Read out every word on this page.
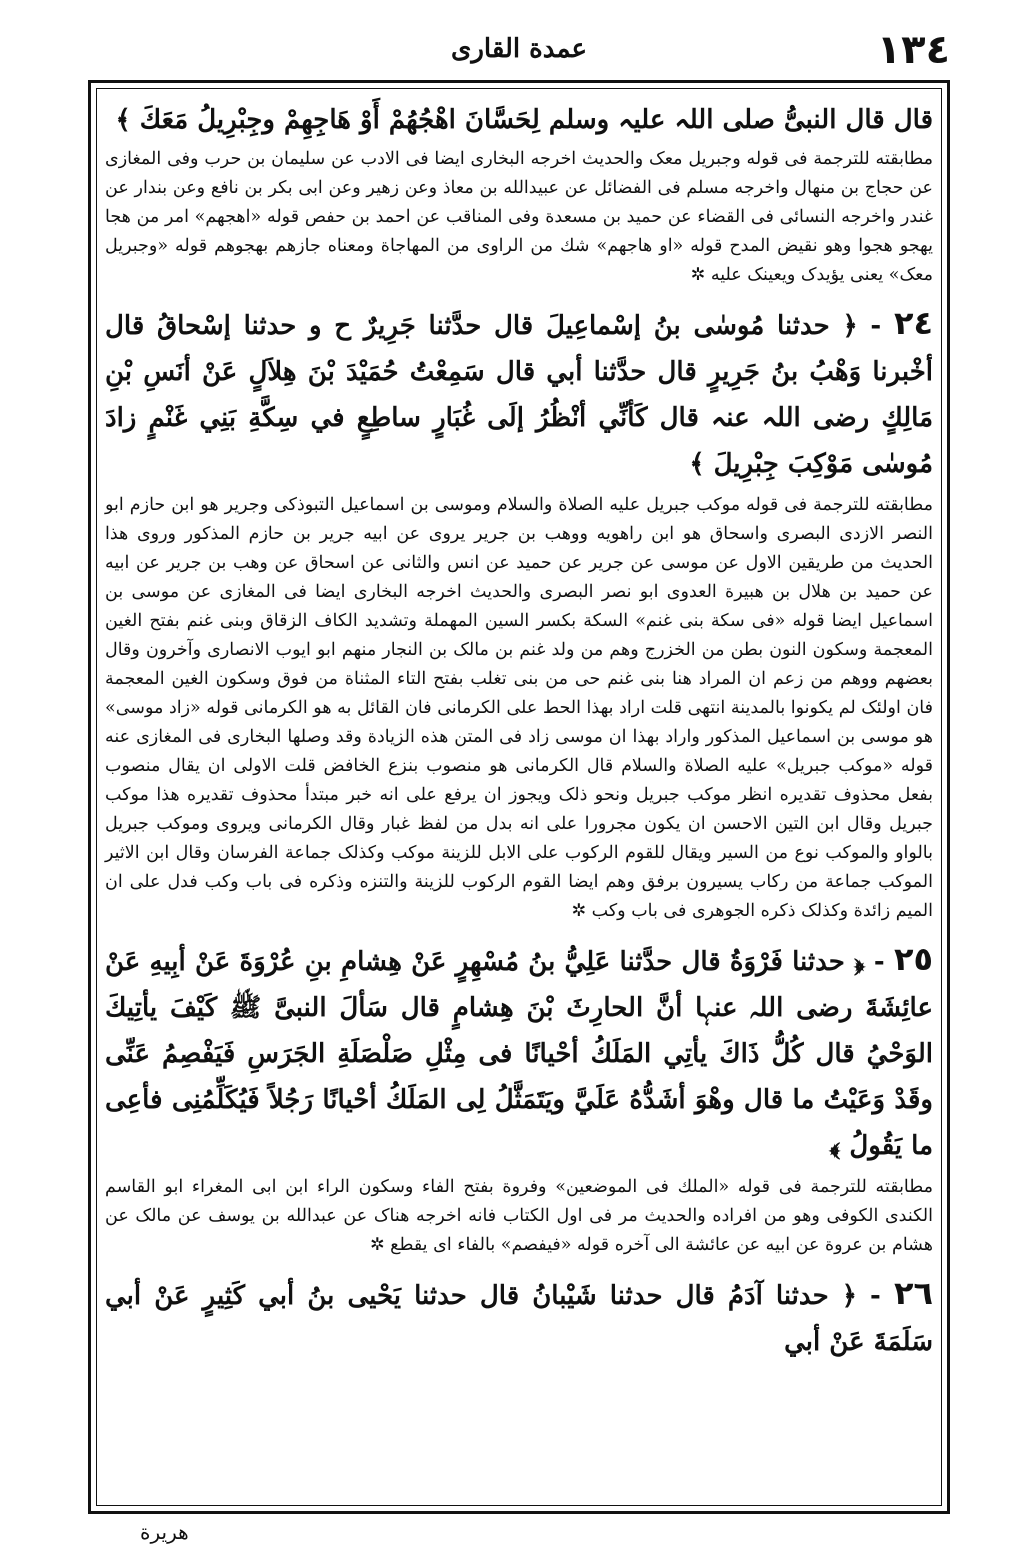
١٣٤
عمدة القاری

قال قال النبیُّ صلی اللہ علیہ وسلم لِحَسَّانَ اهْجُهُمْ أَوْ هَاجِهِمْ وجِبْرِيلُ مَعَكَ ﴾

مطابقته للترجمة فی قوله وجبريل معک والحديث اخرجه البخاری ايضا فی الادب عن سليمان بن حرب وفی المغازی عن حجاج بن منهال واخرجه مسلم فی الفضائل عن عبيدالله بن معاذ وعن زهير وعن ابی بكر بن نافع وعن بندار عن غندر واخرجه النسائی فی القضاء عن حميد بن مسعدة وفی المناقب عن احمد بن حفص قوله «اهجهم» امر من هجا يهجو هجوا وهو نقيض المدح قوله «او هاجهم» شك من الراوی من المهاجاة ومعناه جازهم بهجوهم قوله «وجبريل معک» يعنی يؤيدک ويعينک عليه ✲

٢٤ - ﴿ حدثنا مُوسٰى بنُ إسْماعِيلَ قال حدَّثنا جَرِيرٌ ح و حدثنا إسْحاقُ قال أخْبرنا وَهْبُ بنُ جَرِيرٍ قال حدَّثنا أبي قال سَمِعْتُ حُمَيْدَ بْنَ هِلاَلٍ عَنْ أنَسِ بْنِ مَالِكٍ رضی اللہ عنہ قال كَأنِّي أنْظُرُ إلَى غُبَارٍ ساطِعٍ في سِكَّةِ بَنِي غَنْمٍ زادَ مُوسٰى مَوْكِبَ جِبْرِيلَ ﴾

مطابقته للترجمة فی قوله موکب جبريل عليه الصلاة والسلام وموسى بن اسماعيل التبوذكی وجرير هو ابن حازم ابو النصر الازدی البصری واسحاق هو ابن راهويه ووهب بن جرير يروی عن ابيه جرير بن حازم المذكور وروى هذا الحديث من طريقين الاول عن موسى عن جرير عن حميد عن انس والثانی عن اسحاق عن وهب بن جرير عن ابيه عن حميد بن هلال بن هبيرة العدوی ابو نصر البصری والحديث اخرجه البخاری ايضا فی المغازی عن موسى بن اسماعيل ايضا قوله «فی سكة بنی غنم» السكة بكسر السين المهملة وتشديد الكاف الزقاق وبنی غنم بفتح الغين المعجمة وسكون النون بطن من الخزرج وهم من ولد غنم بن مالک بن النجار منهم ابو ايوب الانصاری وآخرون وقال بعضهم ووهم من زعم ان المراد هنا بنی غنم حی من بنی تغلب بفتح التاء المثناة من فوق وسكون الغين المعجمة فان اولئک لم يكونوا بالمدينة انتهى قلت اراد بهذا الحط على الكرمانی فان القائل به هو الكرمانی قوله «زاد موسى» هو موسى بن اسماعيل المذكور واراد بهذا ان موسى زاد فی المتن هذه الزيادة وقد وصلها البخاری فی المغازی عنه قوله «موکب جبريل» عليه الصلاة والسلام قال الكرمانی هو منصوب بنزع الخافض قلت الاولى ان يقال منصوب بفعل محذوف تقديره انظر موکب جبريل ونحو ذلک ويجوز ان يرفع على انه خبر مبتدأ محذوف تقديره هذا موکب جبريل وقال ابن التين الاحسن ان يكون مجرورا على انه بدل من لفظ غبار وقال الكرمانی ويروى وموکب جبريل بالواو والموکب نوع من السير ويقال للقوم الركوب على الابل للزينة موکب وكذلک جماعة الفرسان وقال ابن الاثير الموکب جماعة من ركاب يسيرون برفق وهم ايضا القوم الركوب للزينة والتنزه وذكره فی باب وكب فدل على ان الميم زائدة وكذلک ذكره الجوهری فی باب وكب ✲

٢٥ - ﴿ حدثنا فَرْوَةُ قال حدَّثنا عَلِيُّ بنُ مُسْهِرٍ عَنْ هِشامِ بنِ عُرْوَةَ عَنْ أبِيهِ عَنْ عائِشَةَ رضی اللہ عنہا أنَّ الحارِثَ بْنَ هِشامٍ قال سَألَ النبیَّ ﷺ كَيْفَ يأتِيكَ الوَحْيُ قال كُلُّ ذَاكَ يأتِي المَلَكُ أحْيانًا فی مِثْلِ صَلْصَلَةِ الجَرَسِ فَيَفْصِمُ عَنِّی وقَدْ وَعَيْتُ ما قال وهْوَ أشَدُّهُ عَلَيَّ ويَتَمَثَّلُ لِی المَلَكُ أحْيانًا رَجُلاً فَيُكَلِّمُنِی فأعِی ما يَقُولُ ﴾

مطابقته للترجمة فی قوله «الملك فی الموضعين» وفروة بفتح الفاء وسكون الراء ابن ابی المغراء ابو القاسم الكندی الكوفی وهو من افراده والحديث مر فی اول الكتاب فانه اخرجه هناک عن عبدالله بن يوسف عن مالک عن هشام بن عروة عن ابيه عن عائشة الى آخره قوله «فيفصم» بالفاء ای يقطع ✲

٢٦ - ﴿ حدثنا آدَمُ قال حدثنا شَيْبانُ قال حدثنا يَحْيى بنُ أبي كَثِيرٍ عَنْ أبي سَلَمَةَ عَنْ أبي

هريرة
